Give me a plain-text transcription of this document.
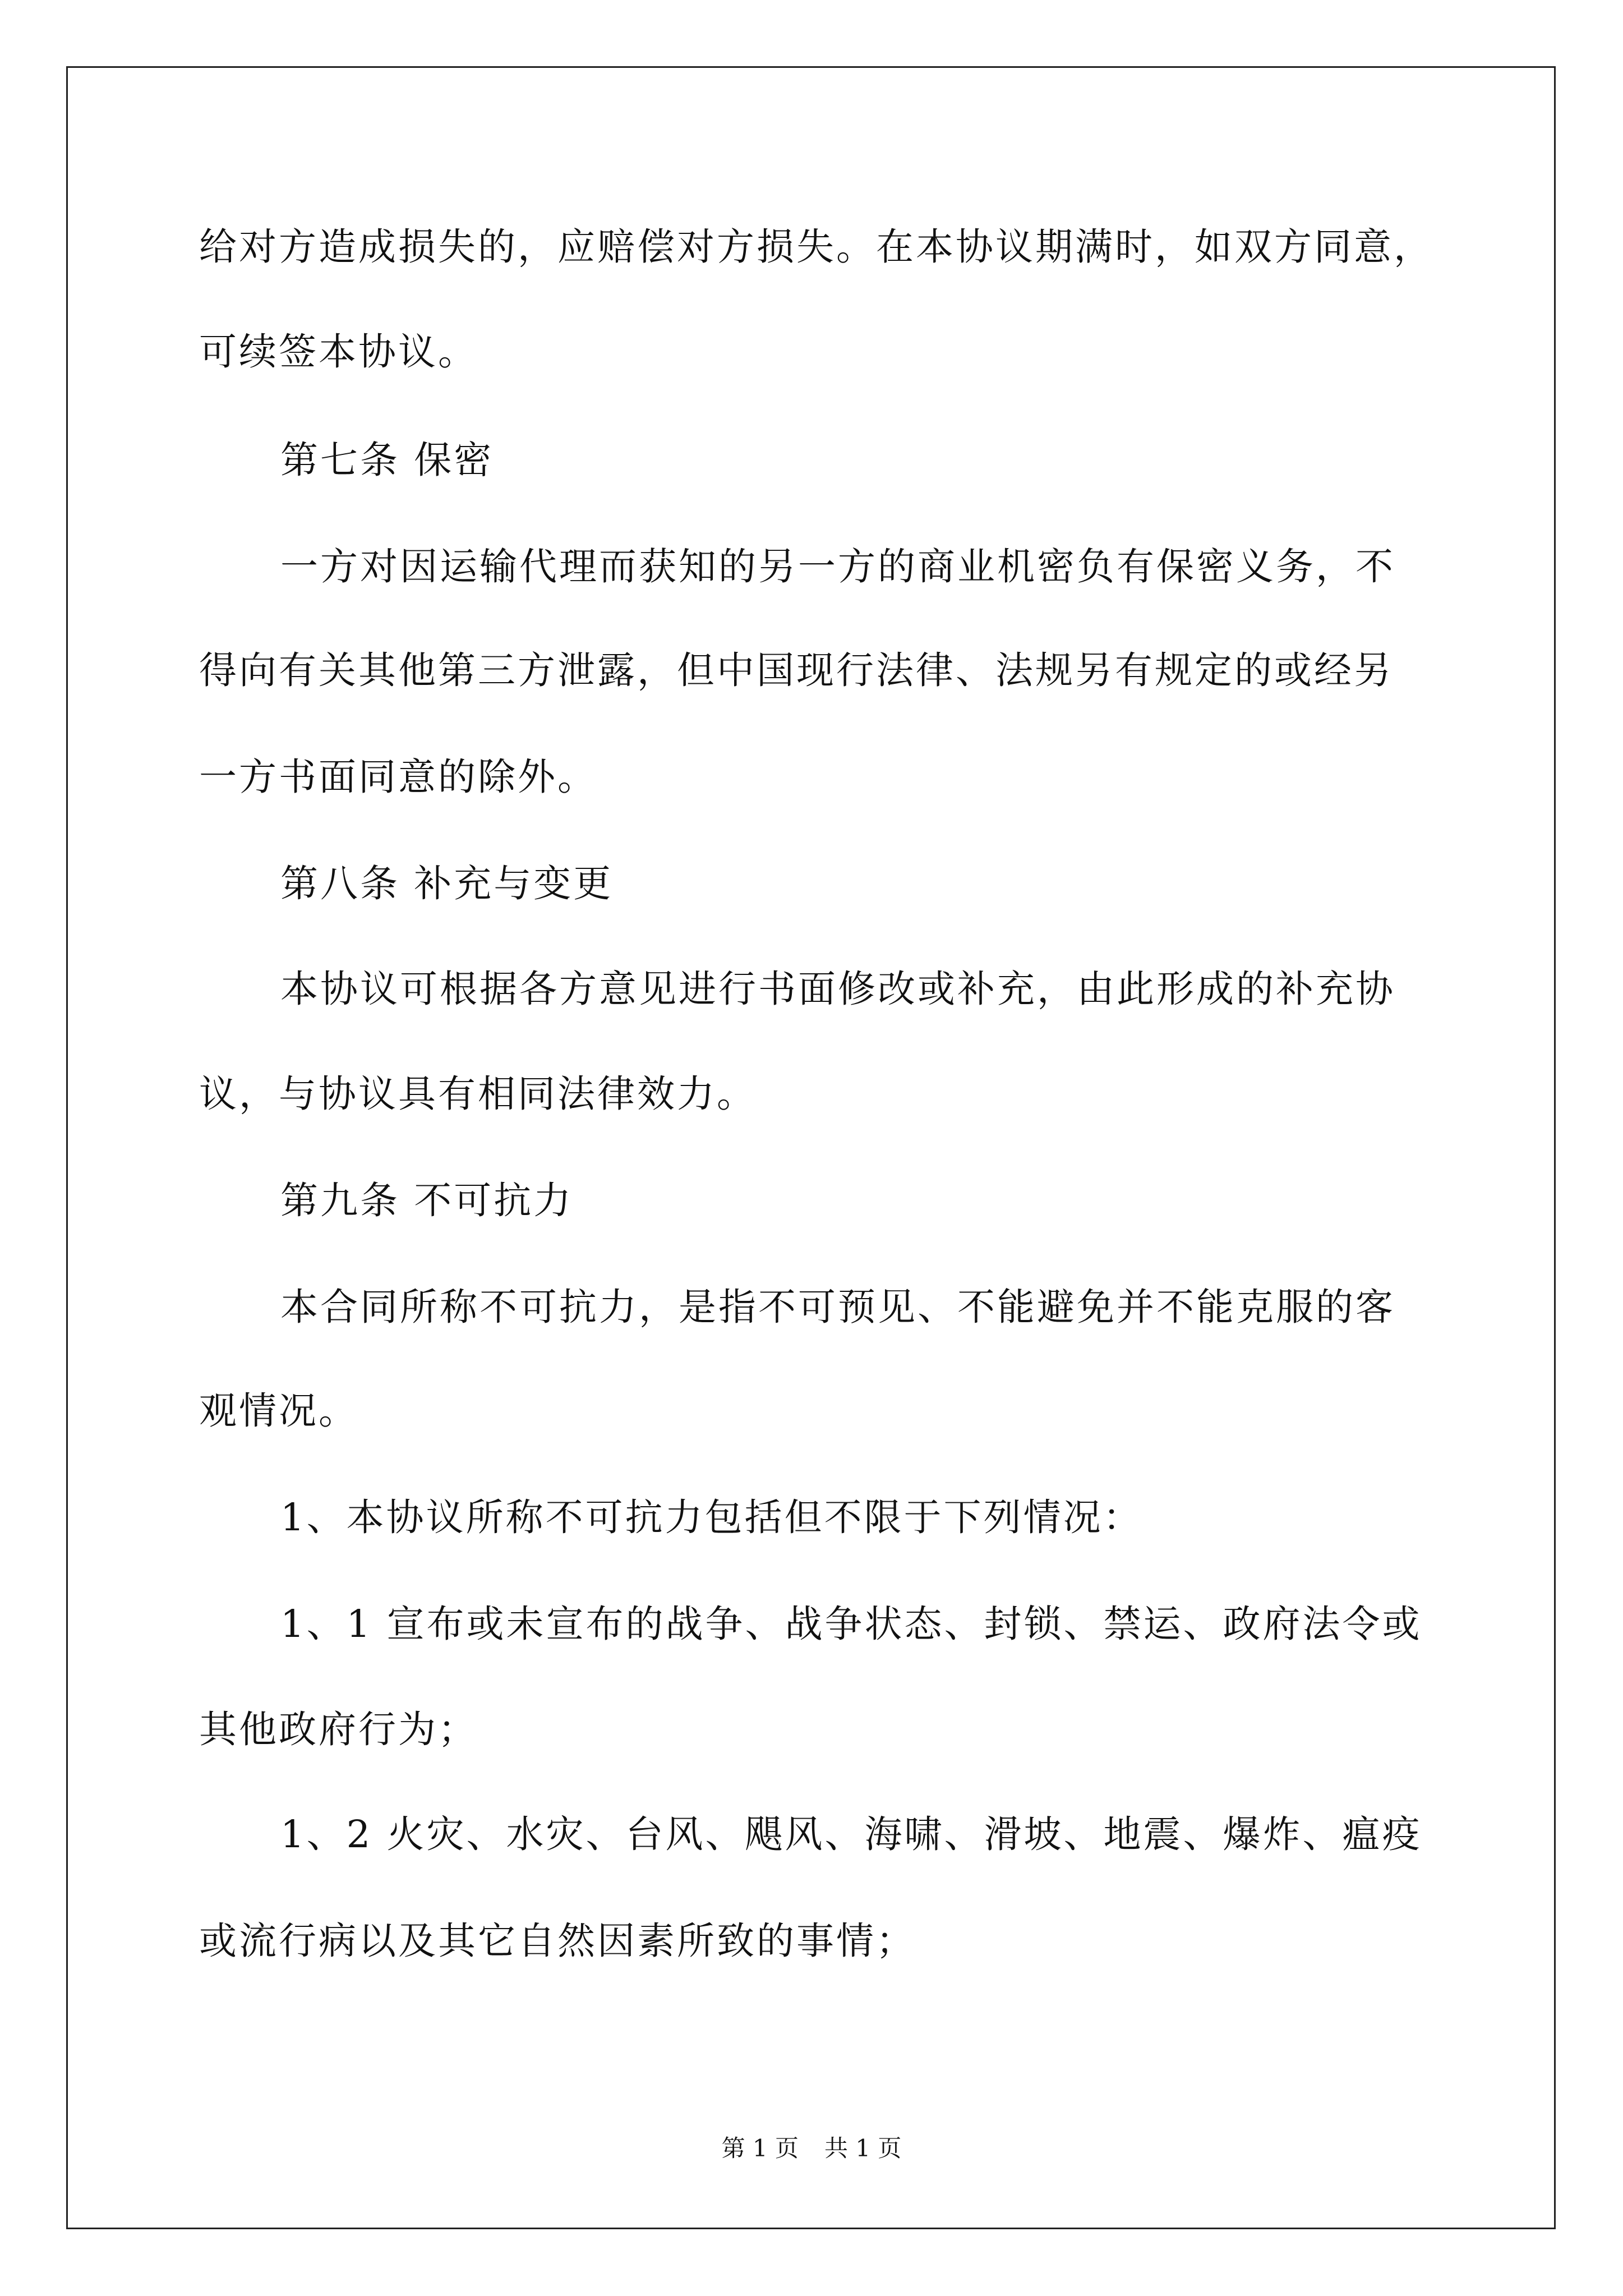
给对方造成损失的，应赔偿对方损失。在本协议期满时，如双方同意，
可续签本协议。
第七条 保密
一方对因运输代理而获知的另一方的商业机密负有保密义务，不
得向有关其他第三方泄露，但中国现行法律、法规另有规定的或经另
一方书面同意的除外。
第八条 补充与变更
本协议可根据各方意见进行书面修改或补充，由此形成的补充协
议，与协议具有相同法律效力。
第九条 不可抗力
本合同所称不可抗力，是指不可预见、不能避免并不能克服的客
观情况。
1、本协议所称不可抗力包括但不限于下列情况：
1、1 宣布或未宣布的战争、战争状态、封锁、禁运、政府法令或
其他政府行为；
1、2 火灾、水灾、台风、飓风、海啸、滑坡、地震、爆炸、瘟疫
或流行病以及其它自然因素所致的事情；
第 1 页 共 1 页
